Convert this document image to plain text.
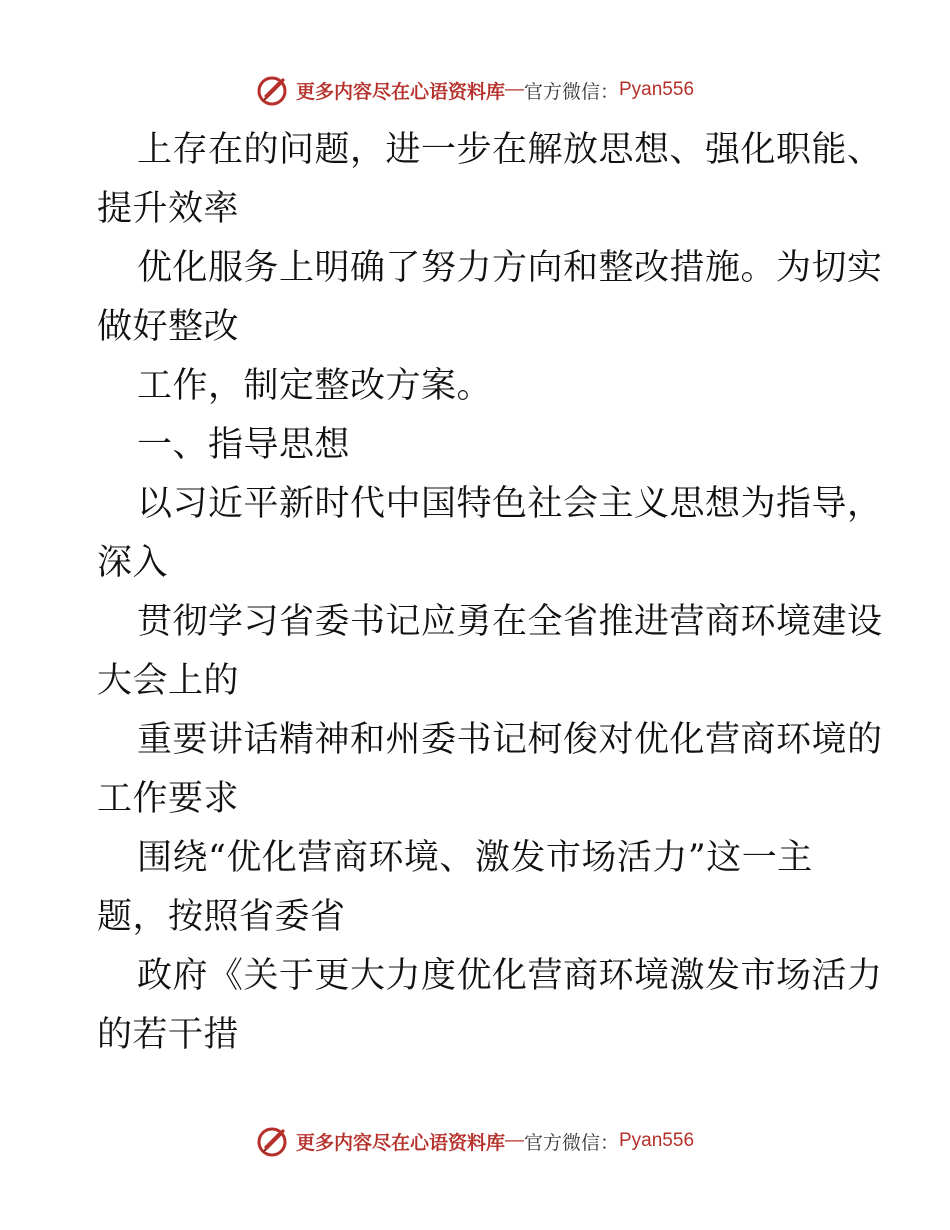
更多内容尽在心语资料库 — 官方微信： Pyan556
上存在的问题，进一步在解放思想、强化职能、
提升效率
优化服务上明确了努力方向和整改措施。为切实
做好整改
工作，制定整改方案。
一、指导思想
以习近平新时代中国特色社会主义思想为指导，
深入
贯彻学习省委书记应勇在全省推进营商环境建设
大会上的
重要讲话精神和州委书记柯俊对优化营商环境的
工作要求
围绕“优化营商环境、激发市场活力”这一主
题，按照省委省
政府《关于更大力度优化营商环境激发市场活力
的若干措
更多内容尽在心语资料库 — 官方微信： Pyan556
